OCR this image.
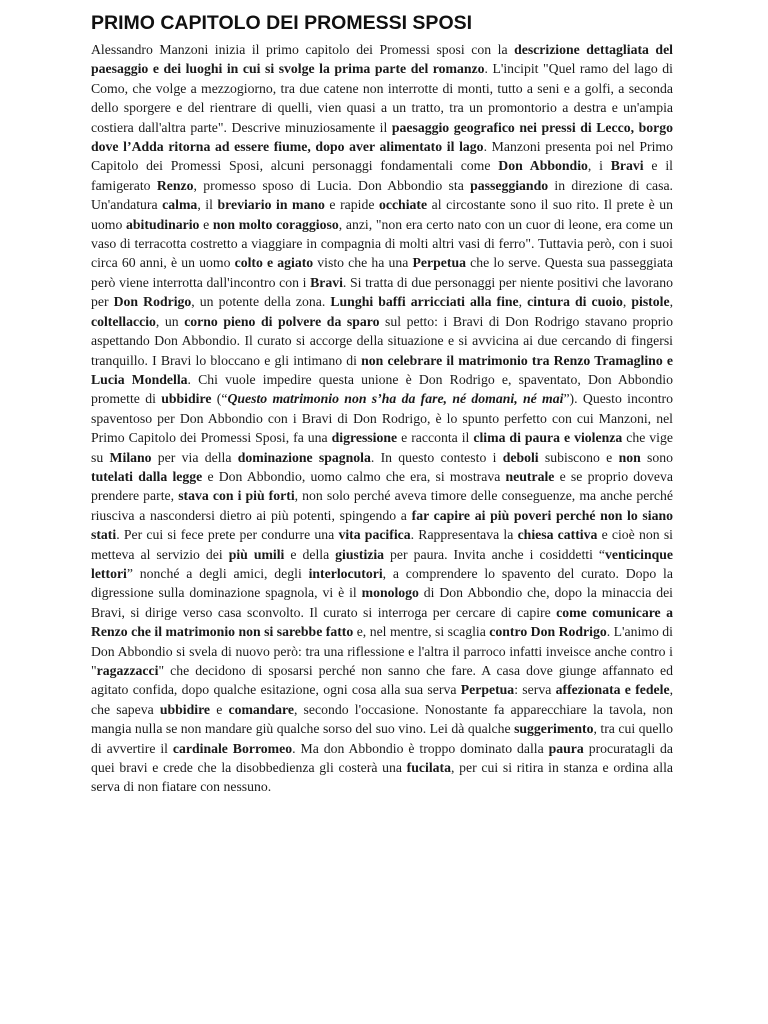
PRIMO CAPITOLO DEI PROMESSI SPOSI

Alessandro Manzoni inizia il primo capitolo dei Promessi sposi con la descrizione dettagliata del paesaggio e dei luoghi in cui si svolge la prima parte del romanzo. L'incipit "Quel ramo del lago di Como, che volge a mezzogiorno, tra due catene non interrotte di monti, tutto a seni e a golfi, a seconda dello sporgere e del rientrare di quelli, vien quasi a un tratto, tra un promontorio a destra e un'ampia costiera dall'altra parte". Descrive minuziosamente il paesaggio geografico nei pressi di Lecco, borgo dove l’Adda ritorna ad essere fiume, dopo aver alimentato il lago. Manzoni presenta poi nel Primo Capitolo dei Promessi Sposi, alcuni personaggi fondamentali come Don Abbondio, i Bravi e il famigerato Renzo, promesso sposo di Lucia. Don Abbondio sta passeggiando in direzione di casa. Un'andatura calma, il breviario in mano e rapide occhiate al circostante sono il suo rito. Il prete è un uomo abitudinario e non molto coraggioso, anzi, "non era certo nato con un cuor di leone, era come un vaso di terracotta costretto a viaggiare in compagnia di molti altri vasi di ferro". Tuttavia però, con i suoi circa 60 anni, è un uomo colto e agiato visto che ha una Perpetua che lo serve. Questa sua passeggiata però viene interrotta dall'incontro con i Bravi. Si tratta di due personaggi per niente positivi che lavorano per Don Rodrigo, un potente della zona. Lunghi baffi arricciati alla fine, cintura di cuoio, pistole, coltellaccio, un corno pieno di polvere da sparo sul petto: i Bravi di Don Rodrigo stavano proprio aspettando Don Abbondio. Il curato si accorge della situazione e si avvicina ai due cercando di fingersi tranquillo. I Bravi lo bloccano e gli intimano di non celebrare il matrimonio tra Renzo Tramaglino e Lucia Mondella. Chi vuole impedire questa unione è Don Rodrigo e, spaventato, Don Abbondio promette di ubbidire (“Questo matrimonio non s’ha da fare, né domani, né mai”). Questo incontro spaventoso per Don Abbondio con i Bravi di Don Rodrigo, è lo spunto perfetto con cui Manzoni, nel Primo Capitolo dei Promessi Sposi, fa una digressione e racconta il clima di paura e violenza che vige su Milano per via della dominazione spagnola. In questo contesto i deboli subiscono e non sono tutelati dalla legge e Don Abbondio, uomo calmo che era, si mostrava neutrale e se proprio doveva prendere parte, stava con i più forti, non solo perché aveva timore delle conseguenze, ma anche perché riusciva a nascondersi dietro ai più potenti, spingendo a far capire ai più poveri perché non lo siano stati. Per cui si fece prete per condurre una vita pacifica. Rappresentava la chiesa cattiva e cioè non si metteva al servizio dei più umili e della giustizia per paura. Invita anche i cosiddetti “venticinque lettori” nonché a degli amici, degli interlocutori, a comprendere lo spavento del curato. Dopo la digressione sulla dominazione spagnola, vi è il monologo di Don Abbondio che, dopo la minaccia dei Bravi, si dirige verso casa sconvolto. Il curato si interroga per cercare di capire come comunicare a Renzo che il matrimonio non si sarebbe fatto e, nel mentre, si scaglia contro Don Rodrigo. L'animo di Don Abbondio si svela di nuovo però: tra una riflessione e l'altra il parroco infatti inveisce anche contro i "ragazzacci" che decidono di sposarsi perché non sanno che fare. A casa dove giunge affannato ed agitato confida, dopo qualche esitazione, ogni cosa alla sua serva Perpetua: serva affezionata e fedele, che sapeva ubbidire e comandare, secondo l'occasione. Nonostante fa apparecchiare la tavola, non mangia nulla se non mandare giù qualche sorso del suo vino. Lei dà qualche suggerimento, tra cui quello di avvertire il cardinale Borromeo. Ma don Abbondio è troppo dominato dalla paura procuratagli da quei bravi e crede che la disobbedienza gli costerà una fucilata, per cui si ritira in stanza e ordina alla serva di non fiatare con nessuno.
